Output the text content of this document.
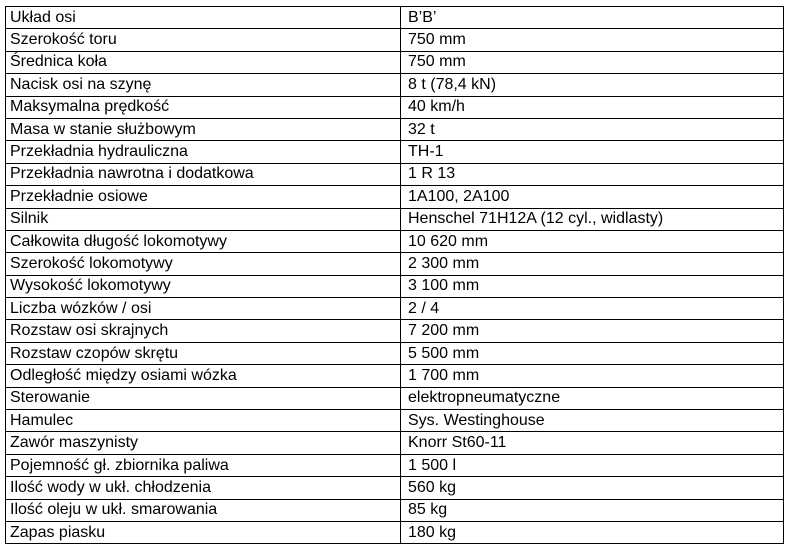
Układ osi	B’B’
Szerokość toru	750 mm
Średnica koła	750 mm
Nacisk osi na szynę	8 t (78,4 kN)
Maksymalna prędkość	40 km/h
Masa w stanie służbowym	32 t
Przekładnia hydrauliczna	TH-1
Przekładnia nawrotna i dodatkowa	1 R 13
Przekładnie osiowe	1A100, 2A100
Silnik	Henschel 71H12A (12 cyl., widlasty)
Całkowita długość lokomotywy	10 620 mm
Szerokość lokomotywy	2 300 mm
Wysokość lokomotywy	3 100 mm
Liczba wózków / osi	2 / 4
Rozstaw osi skrajnych	7 200 mm
Rozstaw czopów skrętu	5 500 mm
Odległość między osiami wózka	1 700 mm
Sterowanie	elektropneumatyczne
Hamulec	Sys. Westinghouse
Zawór maszynisty	Knorr St60-11
Pojemność gł. zbiornika paliwa	1 500 l
Ilość wody w ukł. chłodzenia	560 kg
Ilość oleju w ukł. smarowania	85 kg
Zapas piasku	180 kg
